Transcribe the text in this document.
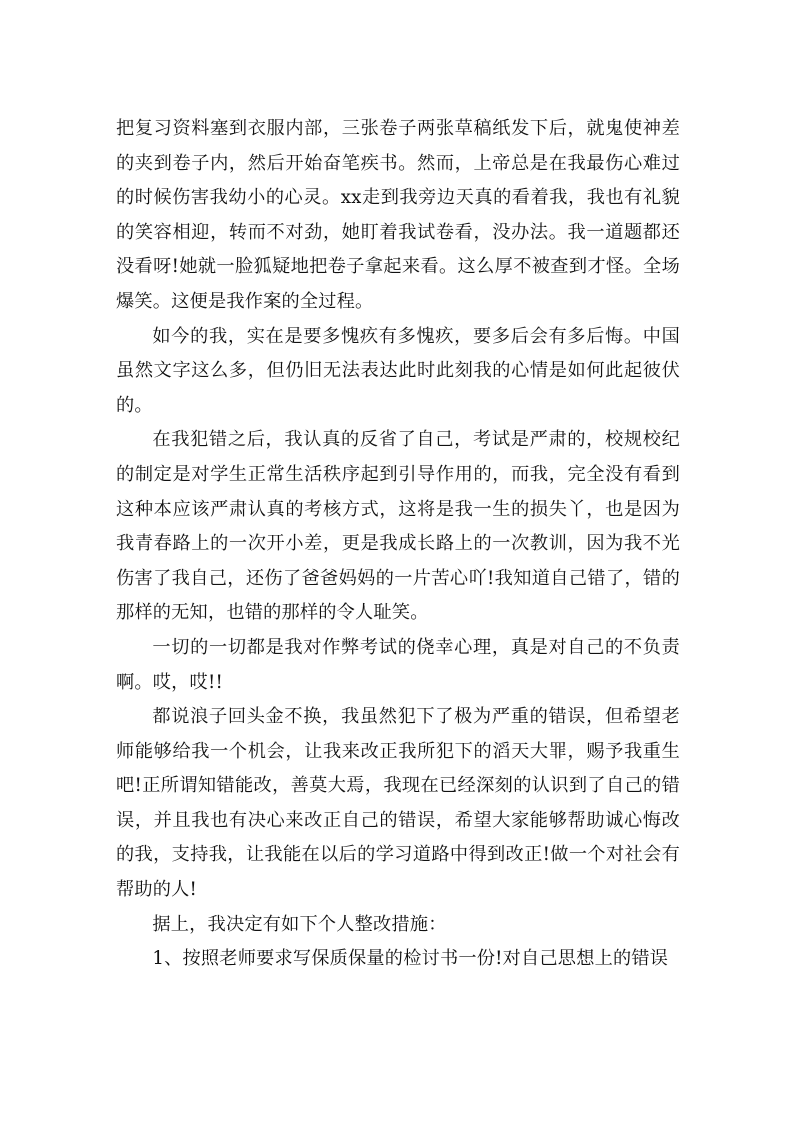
把复习资料塞到衣服内部，三张卷子两张草稿纸发下后，就鬼使神差的夹到卷子内，然后开始奋笔疾书。然而，上帝总是在我最伤心难过的时候伤害我幼小的心灵。xx走到我旁边天真的看着我，我也有礼貌的笑容相迎，转而不对劲，她盯着我试卷看，没办法。我一道题都还没看呀!她就一脸狐疑地把卷子拿起来看。这么厚不被查到才怪。全场爆笑。这便是我作案的全过程。

如今的我，实在是要多愧疚有多愧疚，要多后会有多后悔。中国虽然文字这么多，但仍旧无法表达此时此刻我的心情是如何此起彼伏的。

在我犯错之后，我认真的反省了自己，考试是严肃的，校规校纪的制定是对学生正常生活秩序起到引导作用的，而我，完全没有看到这种本应该严肃认真的考核方式，这将是我一生的损失丫，也是因为我青春路上的一次开小差，更是我成长路上的一次教训，因为我不光伤害了我自己，还伤了爸爸妈妈的一片苦心吖!我知道自己错了，错的那样的无知，也错的那样的令人耻笑。

一切的一切都是我对作弊考试的侥幸心理，真是对自己的不负责啊。哎，哎!!

都说浪子回头金不换，我虽然犯下了极为严重的错误，但希望老师能够给我一个机会，让我来改正我所犯下的滔天大罪，赐予我重生吧!正所谓知错能改，善莫大焉，我现在已经深刻的认识到了自己的错误，并且我也有决心来改正自己的错误，希望大家能够帮助诚心悔改的我，支持我，让我能在以后的学习道路中得到改正!做一个对社会有帮助的人!

据上，我决定有如下个人整改措施：

1、按照老师要求写保质保量的检讨书一份!对自己思想上的错误
